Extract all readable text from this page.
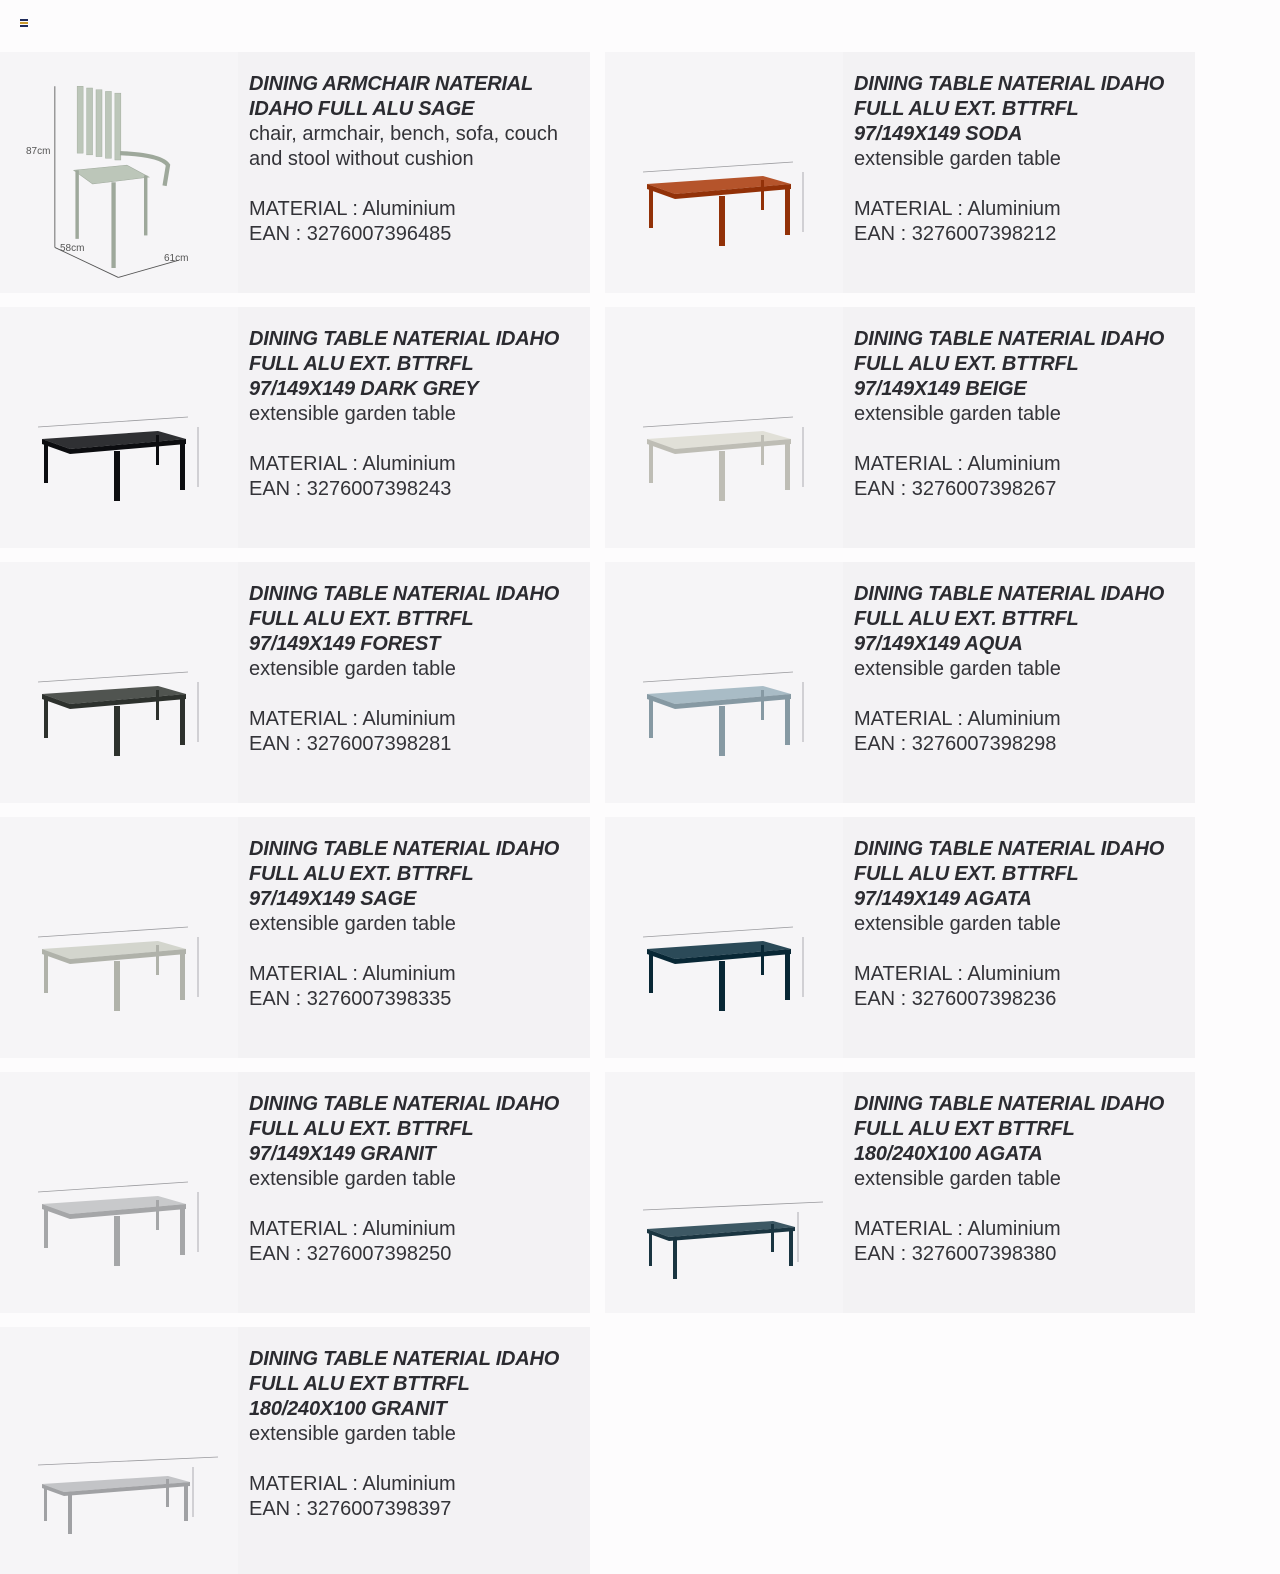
87cm
58cm
61cm
DINING ARMCHAIR NATERIAL IDAHO FULL ALU SAGE
chair, armchair, bench, sofa, couch and stool without cushion
MATERIAL : Aluminium
EAN : 3276007396485
DINING TABLE NATERIAL IDAHO FULL ALU EXT. BTTRFL 97/149X149 SODA
extensible garden table
MATERIAL : Aluminium
EAN : 3276007398212
DINING TABLE NATERIAL IDAHO FULL ALU EXT. BTTRFL 97/149X149 DARK GREY
extensible garden table
MATERIAL : Aluminium
EAN : 3276007398243
DINING TABLE NATERIAL IDAHO FULL ALU EXT. BTTRFL 97/149X149 BEIGE
extensible garden table
MATERIAL : Aluminium
EAN : 3276007398267
DINING TABLE NATERIAL IDAHO FULL ALU EXT. BTTRFL 97/149X149 FOREST
extensible garden table
MATERIAL : Aluminium
EAN : 3276007398281
DINING TABLE NATERIAL IDAHO FULL ALU EXT. BTTRFL 97/149X149 AQUA
extensible garden table
MATERIAL : Aluminium
EAN : 3276007398298
DINING TABLE NATERIAL IDAHO FULL ALU EXT. BTTRFL 97/149X149 SAGE
extensible garden table
MATERIAL : Aluminium
EAN : 3276007398335
DINING TABLE NATERIAL IDAHO FULL ALU EXT. BTTRFL 97/149X149 AGATA
extensible garden table
MATERIAL : Aluminium
EAN : 3276007398236
DINING TABLE NATERIAL IDAHO FULL ALU EXT. BTTRFL 97/149X149 GRANIT
extensible garden table
MATERIAL : Aluminium
EAN : 3276007398250
DINING TABLE NATERIAL IDAHO FULL ALU EXT BTTRFL 180/240X100 AGATA
extensible garden table
MATERIAL : Aluminium
EAN : 3276007398380
DINING TABLE NATERIAL IDAHO FULL ALU EXT BTTRFL 180/240X100 GRANIT
extensible garden table
MATERIAL : Aluminium
EAN : 3276007398397
